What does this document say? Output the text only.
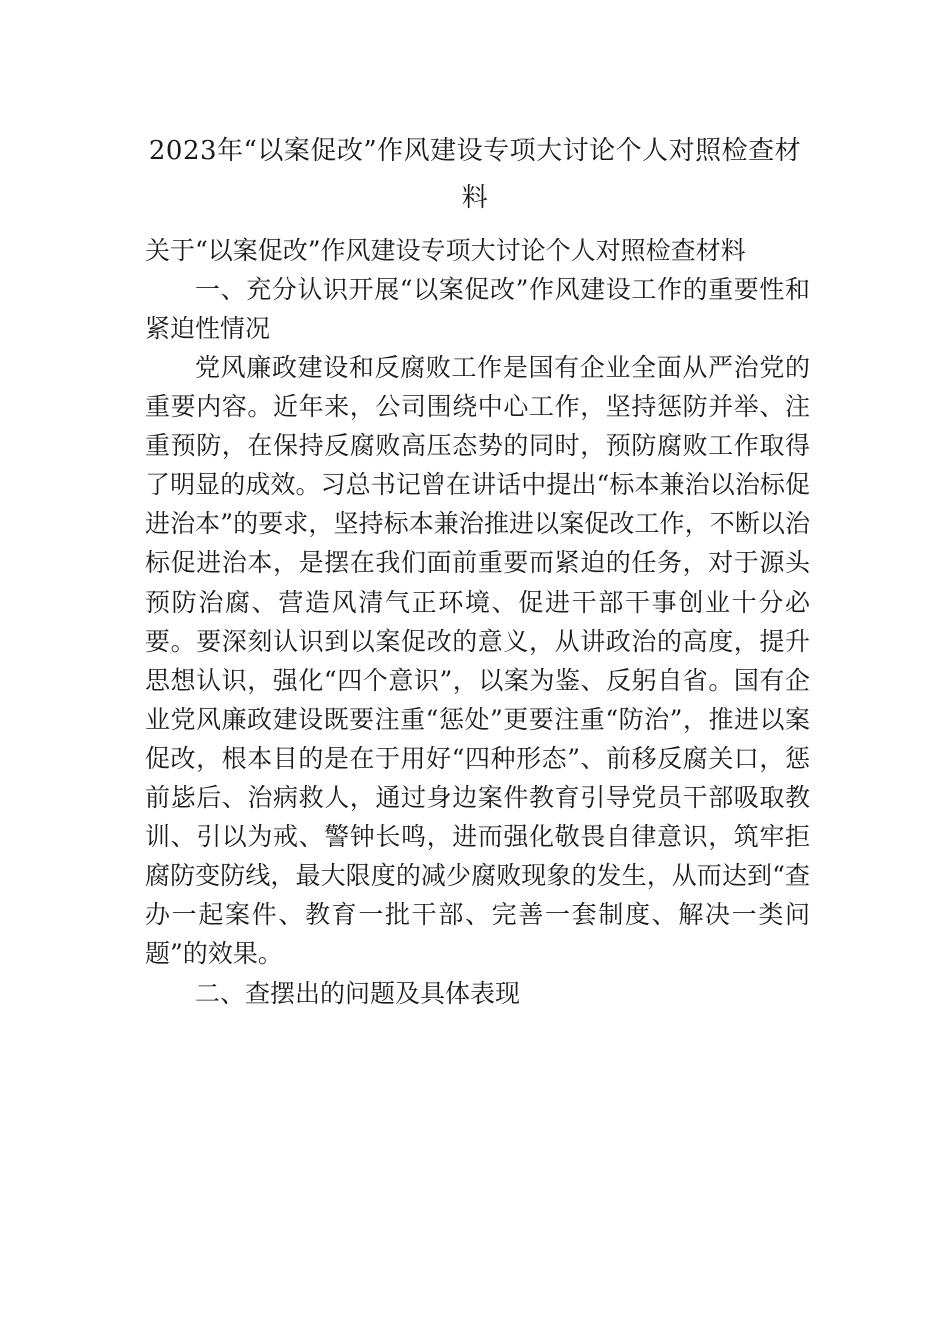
2023年“以案促改”作风建设专项大讨论个人对照检查材料

关于“以案促改”作风建设专项大讨论个人对照检查材料

一、充分认识开展“以案促改”作风建设工作的重要性和紧迫性情况

党风廉政建设和反腐败工作是国有企业全面从严治党的重要内容。近年来，公司围绕中心工作，坚持惩防并举、注重预防，在保持反腐败高压态势的同时，预防腐败工作取得了明显的成效。习总书记曾在讲话中提出“标本兼治以治标促进治本”的要求，坚持标本兼治推进以案促改工作，不断以治标促进治本，是摆在我们面前重要而紧迫的任务，对于源头预防治腐、营造风清气正环境、促进干部干事创业十分必要。要深刻认识到以案促改的意义，从讲政治的高度，提升思想认识，强化“四个意识”，以案为鉴、反躬自省。国有企业党风廉政建设既要注重“惩处”更要注重“防治”，推进以案促改，根本目的是在于用好“四种形态”、前移反腐关口，惩前毖后、治病救人，通过身边案件教育引导党员干部吸取教训、引以为戒、警钟长鸣，进而强化敬畏自律意识，筑牢拒腐防变防线，最大限度的减少腐败现象的发生，从而达到“查办一起案件、教育一批干部、完善一套制度、解决一类问题”的效果。

二、查摆出的问题及具体表现
